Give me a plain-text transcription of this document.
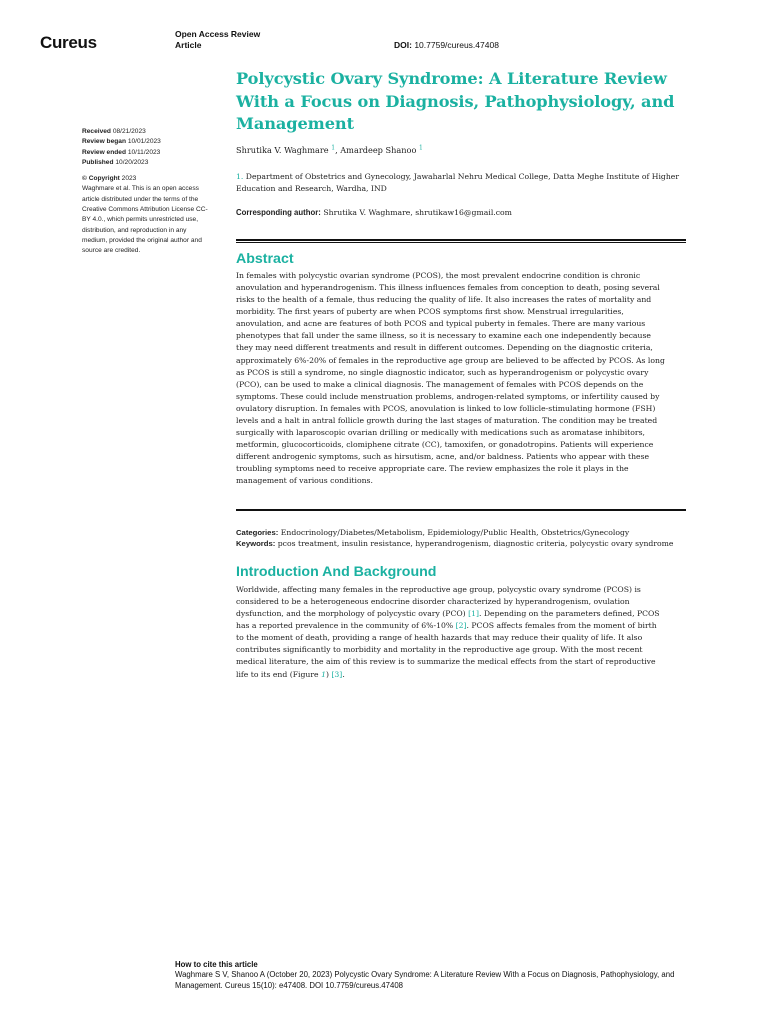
Cureus	Open Access Review
Article	DOI: 10.7759/cureus.47408
Received 08/21/2023
Review began 10/01/2023
Review ended 10/11/2023
Published 10/20/2023
© Copyright 2023
Waghmare et al. This is an open access
article distributed under the terms of the
Creative Commons Attribution License CC-
BY 4.0., which permits unrestricted use,
distribution, and reproduction in any
medium, provided the original author and
source are credited.
Polycystic Ovary Syndrome: A Literature Review
With a Focus on Diagnosis, Pathophysiology, and
Management
Shrutika V. Waghmare $^1$, Amardeep Shanoo $^1$
1. Department of Obstetrics and Gynecology, Jawaharlal Nehru Medical College, Datta Meghe Institute of Higher
Education and Research, Wardha, IND
Corresponding author: Shrutika V. Waghmare, shrutikaw16@gmail.com
Abstract
In females with polycystic ovarian syndrome (PCOS), the most prevalent endocrine condition is chronic
anovulation and hyperandrogenism. This illness influences females from conception to death, posing several
risks to the health of a female, thus reducing the quality of life. It also increases the rates of mortality and
morbidity. The first years of puberty are when PCOS symptoms first show. Menstrual irregularities,
anovulation, and acne are features of both PCOS and typical puberty in females. There are many various
phenotypes that fall under the same illness, so it is necessary to examine each one independently because
they may need different treatments and result in different outcomes. Depending on the diagnostic criteria,
approximately 6%-20% of females in the reproductive age group are believed to be affected by PCOS. As long
as PCOS is still a syndrome, no single diagnostic indicator, such as hyperandrogenism or polycystic ovary
(PCO), can be used to make a clinical diagnosis. The management of females with PCOS depends on the
symptoms. These could include menstruation problems, androgen-related symptoms, or infertility caused by
ovulatory disruption. In females with PCOS, anovulation is linked to low follicle-stimulating hormone (FSH)
levels and a halt in antral follicle growth during the last stages of maturation. The condition may be treated
surgically with laparoscopic ovarian drilling or medically with medications such as aromatase inhibitors,
metformin, glucocorticoids, clomiphene citrate (CC), tamoxifen, or gonadotropins. Patients will experience
different androgenic symptoms, such as hirsutism, acne, and/or baldness. Patients who appear with these
troubling symptoms need to receive appropriate care. The review emphasizes the role it plays in the
management of various conditions.
Categories: Endocrinology/Diabetes/Metabolism, Epidemiology/Public Health, Obstetrics/Gynecology
Keywords: pcos treatment, insulin resistance, hyperandrogenism, diagnostic criteria, polycystic ovary syndrome
Introduction And Background
Worldwide, affecting many females in the reproductive age group, polycystic ovary syndrome (PCOS) is
considered to be a heterogeneous endocrine disorder characterized by hyperandrogenism, ovulation
dysfunction, and the morphology of polycystic ovary (PCO) [1]. Depending on the parameters defined, PCOS
has a reported prevalence in the community of 6%-10% [2]. PCOS affects females from the moment of birth
to the moment of death, providing a range of health hazards that may reduce their quality of life. It also
contributes significantly to morbidity and mortality in the reproductive age group. With the most recent
medical literature, the aim of this review is to summarize the medical effects from the start of reproductive
life to its end (Figure 1) [3].
How to cite this article
Waghmare S V, Shanoo A (October 20, 2023) Polycystic Ovary Syndrome: A Literature Review With a Focus on Diagnosis, Pathophysiology, and
Management. Cureus 15(10): e47408. DOI 10.7759/cureus.47408
